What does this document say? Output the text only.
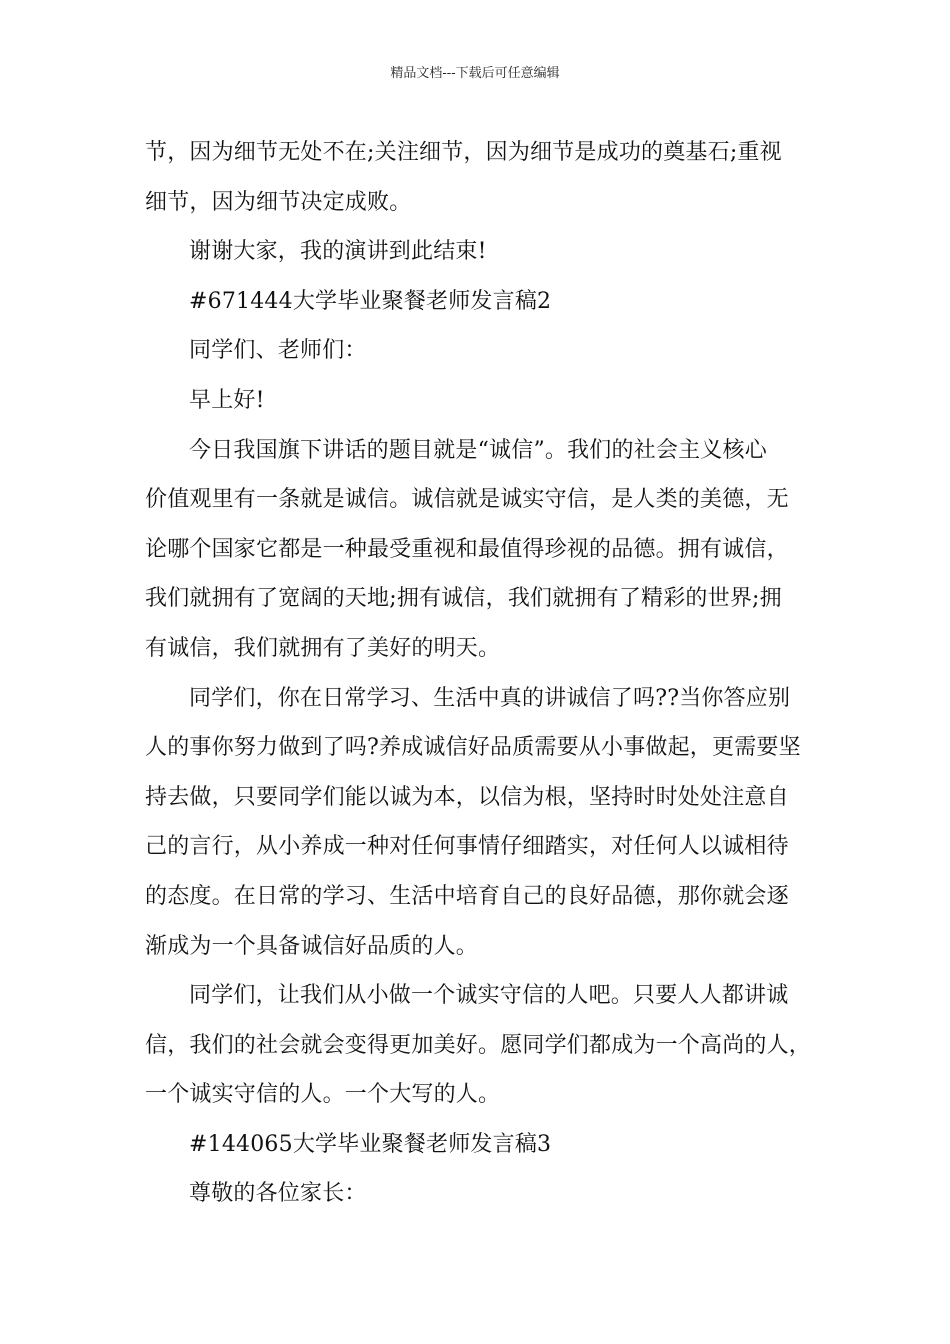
精品文档---下载后可任意编辑
节，因为细节无处不在;关注细节，因为细节是成功的奠基石;重视
细节，因为细节决定成败。
谢谢大家，我的演讲到此结束!
#671444大学毕业聚餐老师发言稿2
同学们、老师们：
早上好!
今日我国旗下讲话的题目就是“诚信”。我们的社会主义核心
价值观里有一条就是诚信。诚信就是诚实守信，是人类的美德，无
论哪个国家它都是一种最受重视和最值得珍视的品德。拥有诚信，
我们就拥有了宽阔的天地;拥有诚信，我们就拥有了精彩的世界;拥
有诚信，我们就拥有了美好的明天。
同学们，你在日常学习、生活中真的讲诚信了吗??当你答应别
人的事你努力做到了吗?养成诚信好品质需要从小事做起，更需要坚
持去做，只要同学们能以诚为本，以信为根，坚持时时处处注意自
己的言行，从小养成一种对任何事情仔细踏实，对任何人以诚相待
的态度。在日常的学习、生活中培育自己的良好品德，那你就会逐
渐成为一个具备诚信好品质的人。
同学们，让我们从小做一个诚实守信的人吧。只要人人都讲诚
信，我们的社会就会变得更加美好。愿同学们都成为一个高尚的人，
一个诚实守信的人。一个大写的人。
#144065大学毕业聚餐老师发言稿3
尊敬的各位家长：
